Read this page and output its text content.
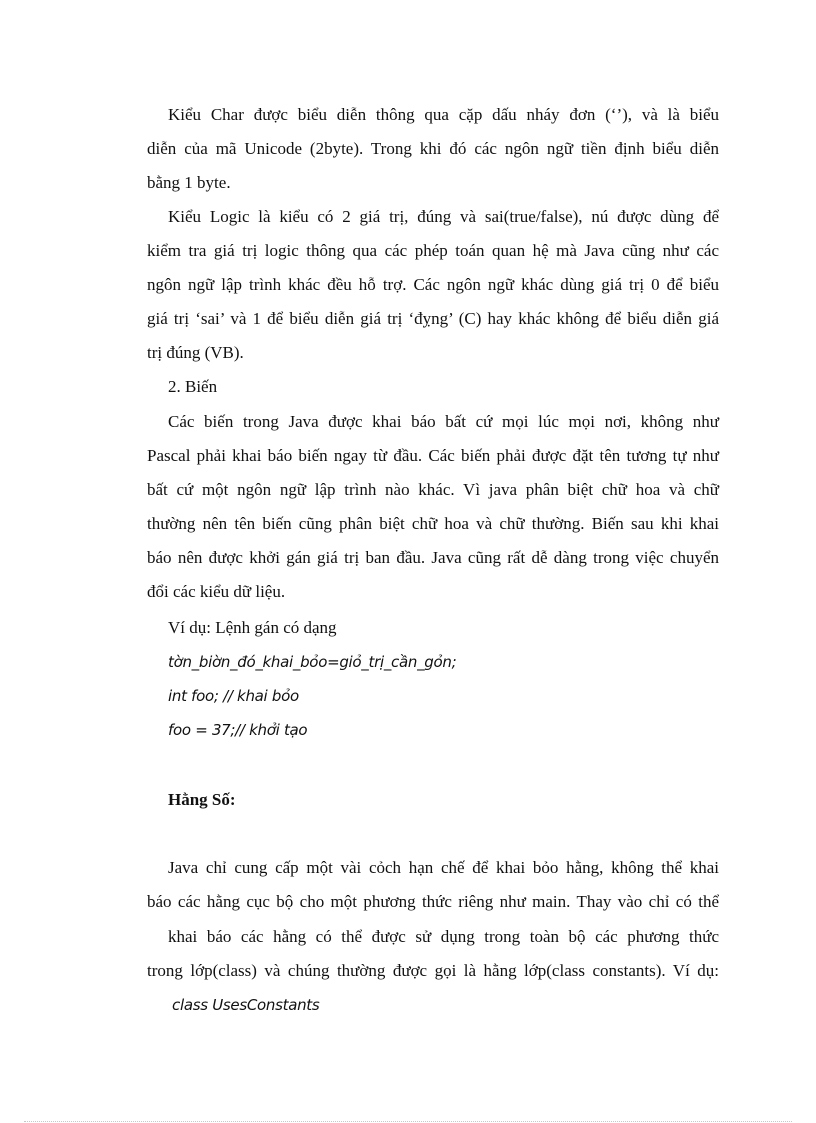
Kiểu Char được biểu diễn thông qua cặp dấu nháy đơn (‘’), và là biểu
diễn của mã Unicode (2byte). Trong khi đó các ngôn ngữ tiền định biểu diễn
bằng 1 byte.
Kiểu Logic là kiểu có 2 giá trị, đúng và sai(true/false), nú được dùng để
kiểm tra giá trị logic thông qua các phép toán quan hệ mà Java cũng như các
ngôn ngữ lập trình khác đều hỗ trợ. Các ngôn ngữ khác dùng giá trị 0 để biểu
giá trị ‘sai’ và 1 để biểu diễn giá trị ‘đỵng’ (C) hay khác không để biểu diễn giá
trị đúng (VB).
2. Biến
Các biến trong Java được khai báo bất cứ mọi lúc mọi nơi, không như
Pascal phải khai báo biến ngay từ đầu. Các biến phải được đặt tên tương tự như
bất cứ một ngôn ngữ lập trình nào khác. Vì java phân biệt chữ hoa và chữ
thường nên tên biến cũng phân biệt chữ hoa và chữ thường. Biến sau khi khai
báo nên được khởi gán giá trị ban đầu. Java cũng rất dễ dàng trong việc chuyển
đổi các kiểu dữ liệu.
Ví dụ: Lệnh gán có dạng
tờn_biờn_đó_khai_bỏo=giỏ_trị_cần_gỏn;
int foo; // khai bỏo
foo = 37;// khởi tạo
Hằng Số:
Java chỉ cung cấp một vài cỏch hạn chế để khai bỏo hằng, không thể khai
báo các hằng cục bộ cho một phương thức riêng như main. Thay vào chỉ có thể
khai báo các hằng có thể được sử dụng trong toàn bộ các phương thức
trong lớp(class) và chúng thường được gọi là hằng lớp(class constants). Ví dụ:
class UsesConstants
